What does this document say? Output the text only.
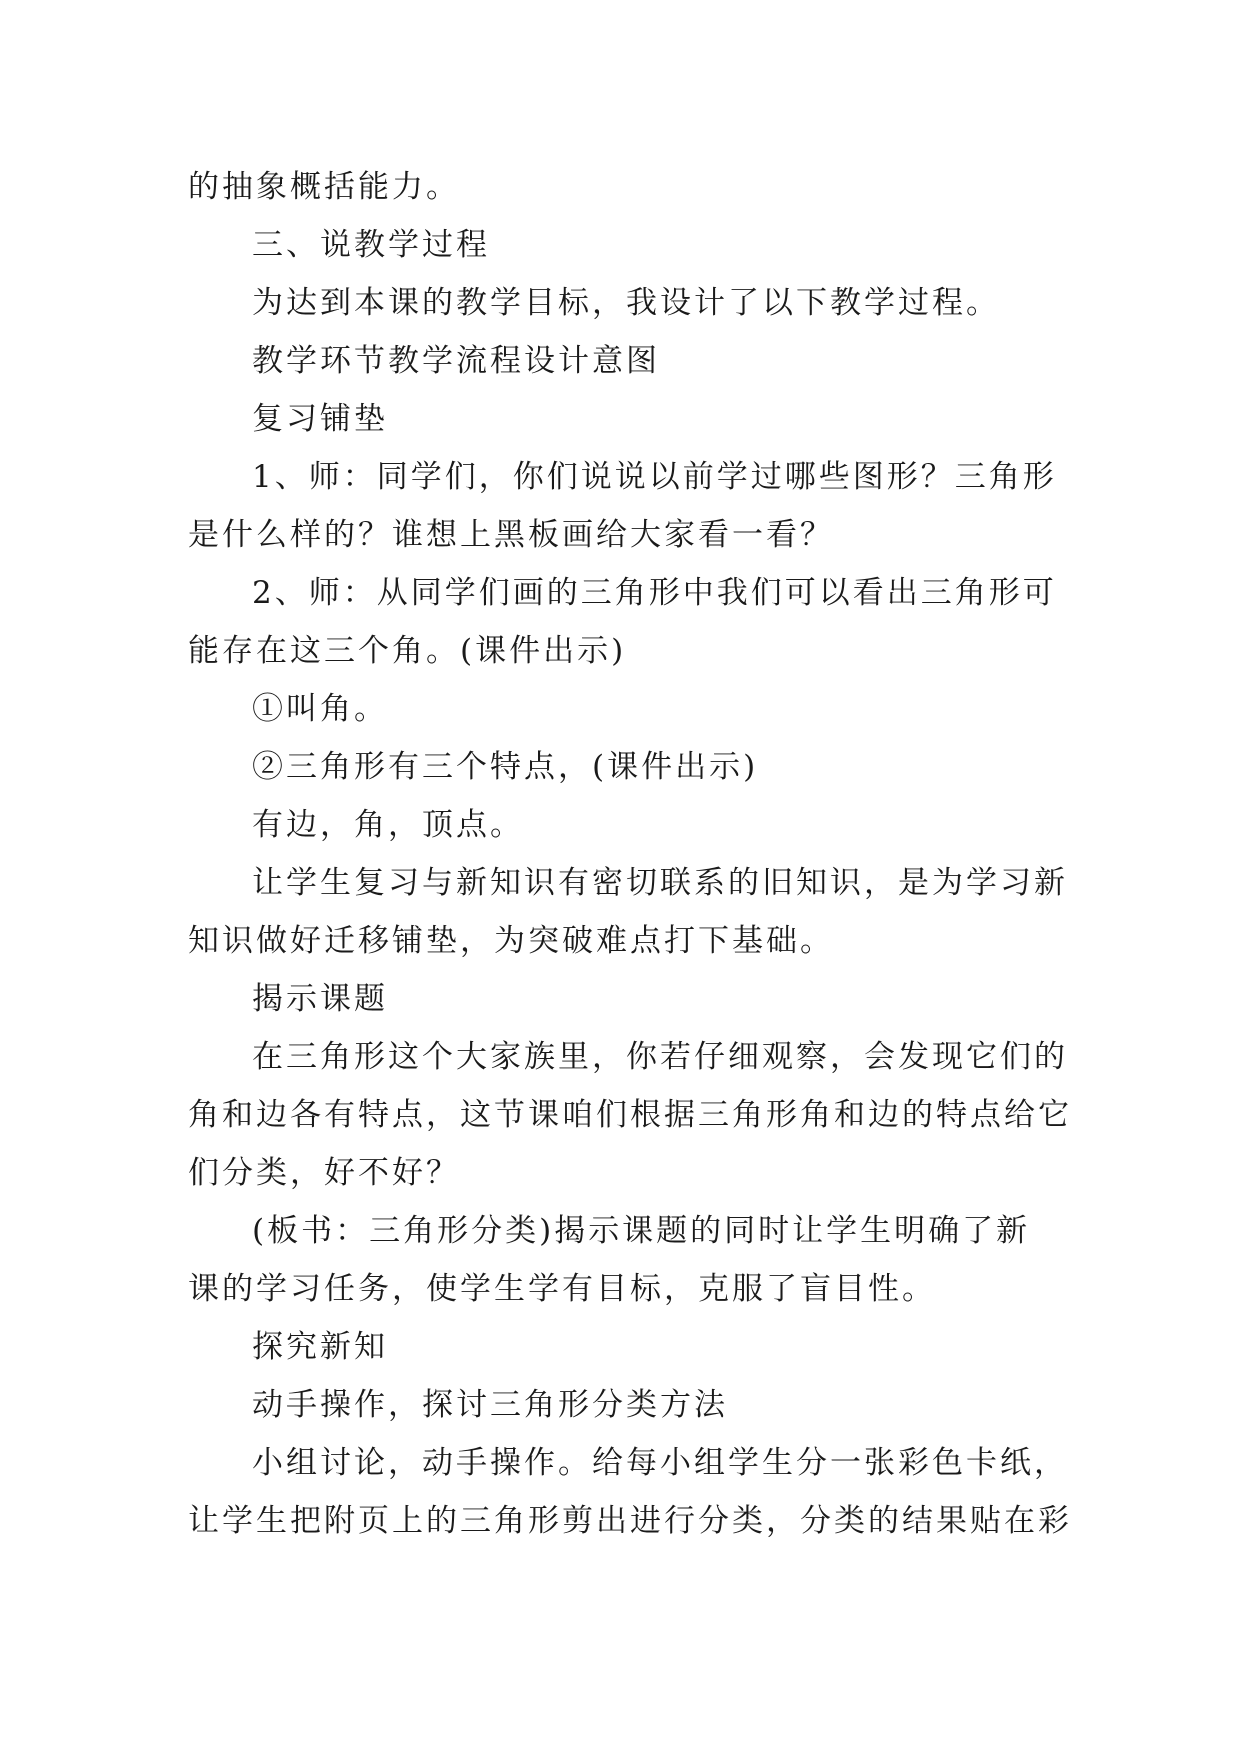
的抽象概括能力。
三、说教学过程
为达到本课的教学目标，我设计了以下教学过程。
教学环节教学流程设计意图
复习铺垫
1、师：同学们，你们说说以前学过哪些图形？三角形
是什么样的？谁想上黑板画给大家看一看？
2、师：从同学们画的三角形中我们可以看出三角形可
能存在这三个角。(课件出示)
①叫角。
②三角形有三个特点，(课件出示)
有边，角，顶点。
让学生复习与新知识有密切联系的旧知识，是为学习新
知识做好迁移铺垫，为突破难点打下基础。
揭示课题
在三角形这个大家族里，你若仔细观察，会发现它们的
角和边各有特点，这节课咱们根据三角形角和边的特点给它
们分类，好不好？
(板书：三角形分类)揭示课题的同时让学生明确了新
课的学习任务，使学生学有目标，克服了盲目性。
探究新知
动手操作，探讨三角形分类方法
小组讨论，动手操作。给每小组学生分一张彩色卡纸，
让学生把附页上的三角形剪出进行分类，分类的结果贴在彩
